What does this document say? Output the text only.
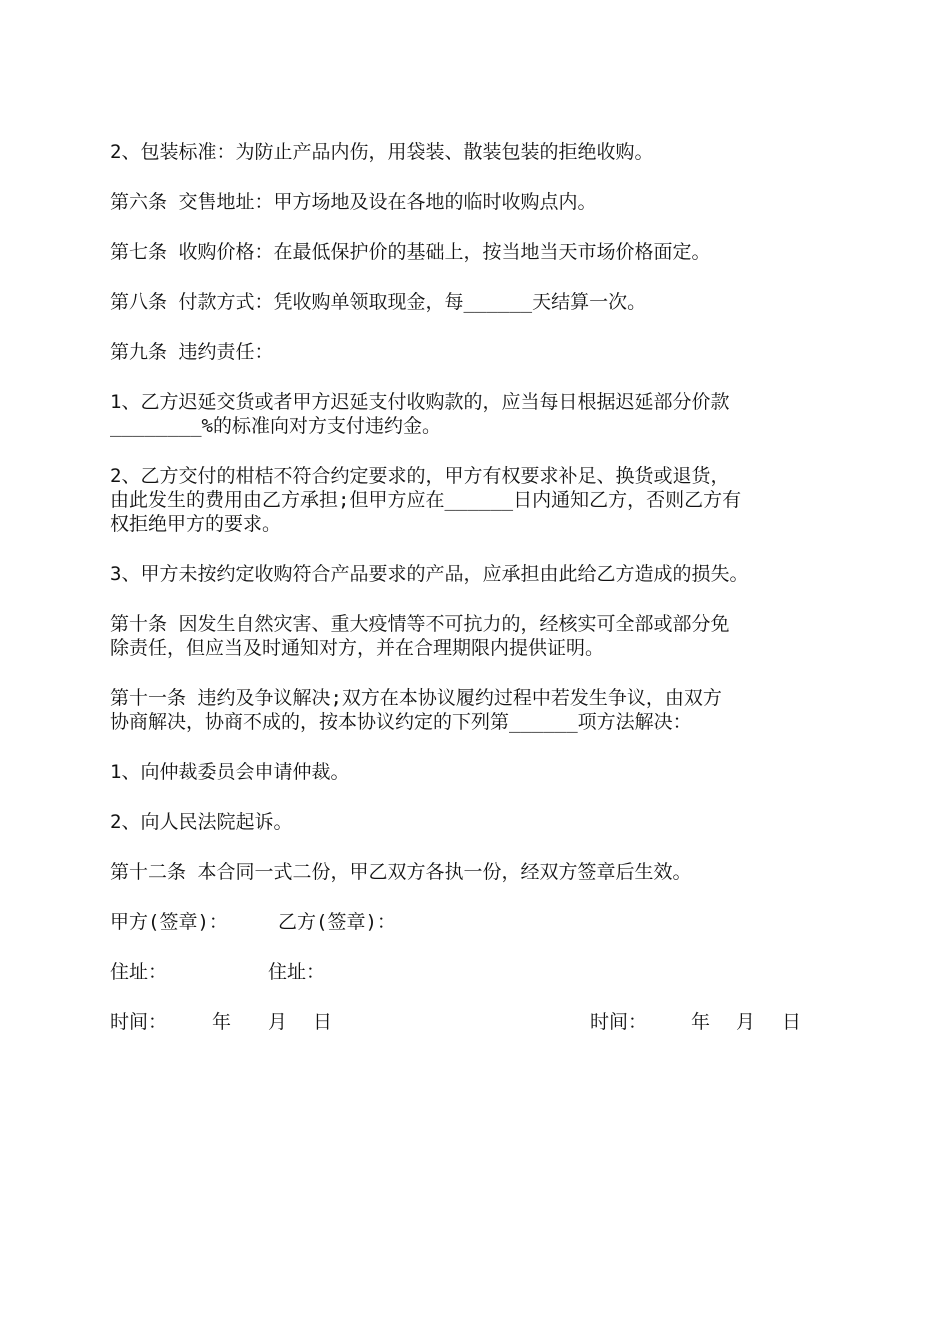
2、包装标准：为防止产品内伤，用袋装、散装包装的拒绝收购。

第六条 交售地址：甲方场地及设在各地的临时收购点内。

第七条 收购价格：在最低保护价的基础上，按当地当天市场价格面定。

第八条 付款方式：凭收购单领取现金，每______天结算一次。

第九条 违约责任：

1、乙方迟延交货或者甲方迟延支付收购款的，应当每日根据迟延部分价款
________%的标准向对方支付违约金。

2、乙方交付的柑桔不符合约定要求的，甲方有权要求补足、换货或退货，
由此发生的费用由乙方承担;但甲方应在______日内通知乙方，否则乙方有
权拒绝甲方的要求。

3、甲方未按约定收购符合产品要求的产品，应承担由此给乙方造成的损失。

第十条 因发生自然灾害、重大疫情等不可抗力的，经核实可全部或部分免
除责任，但应当及时通知对方，并在合理期限内提供证明。

第十一条 违约及争议解决;双方在本协议履约过程中若发生争议，由双方
协商解决，协商不成的，按本协议约定的下列第______项方法解决：

1、向仲裁委员会申请仲裁。

2、向人民法院起诉。

第十二条 本合同一式二份，甲乙双方各执一份，经双方签章后生效。

甲方(签章)：	乙方(签章)：
住址：	住址：
时间： 年 月 日	时间： 年 月 日
